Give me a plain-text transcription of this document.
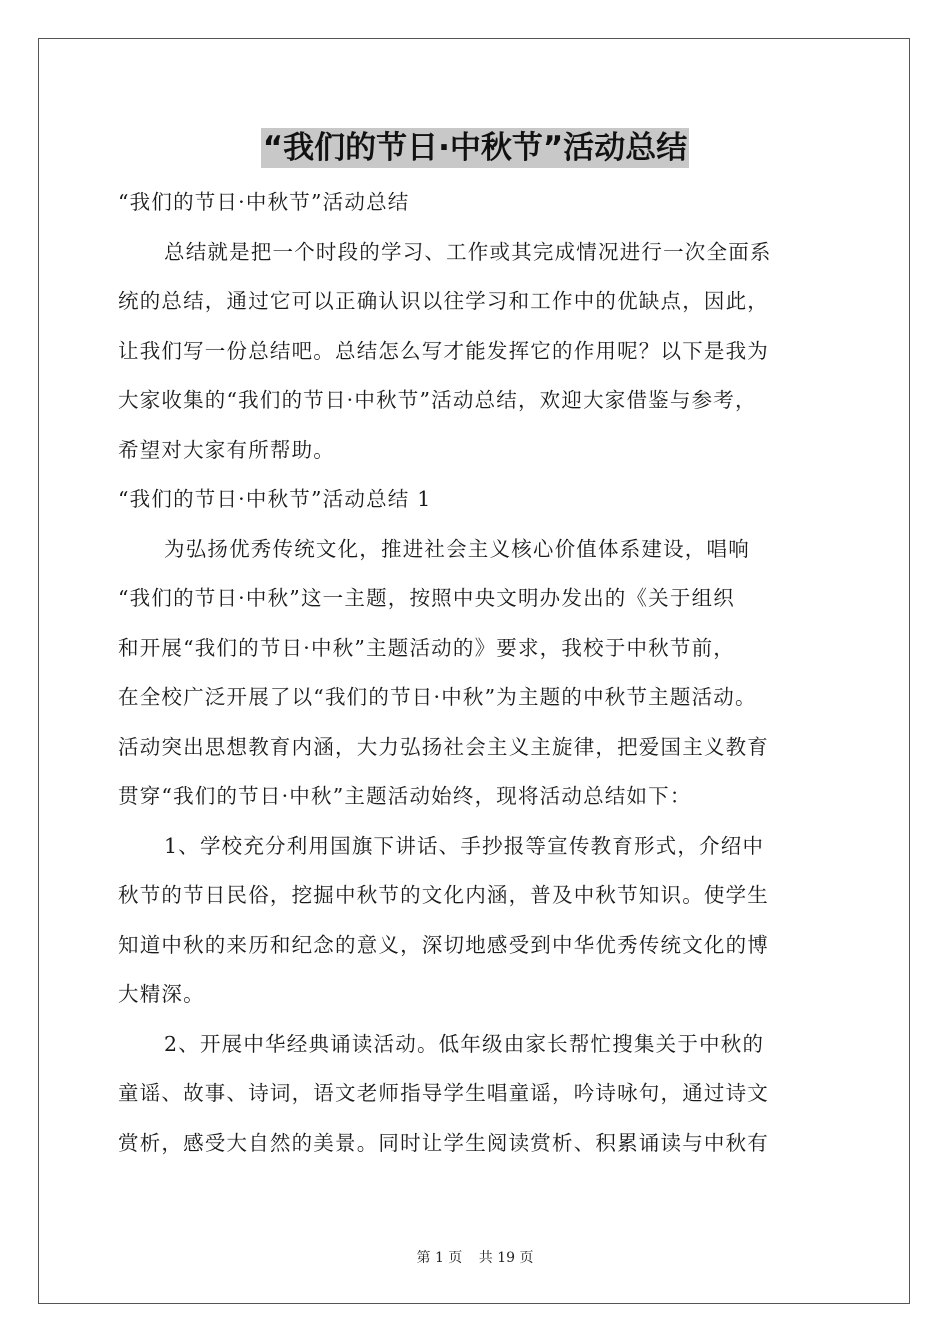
“我们的节日·中秋节”活动总结
“我们的节日·中秋节”活动总结
总结就是把一个时段的学习、工作或其完成情况进行一次全面系
统的总结，通过它可以正确认识以往学习和工作中的优缺点，因此，
让我们写一份总结吧。总结怎么写才能发挥它的作用呢？以下是我为
大家收集的“我们的节日·中秋节”活动总结，欢迎大家借鉴与参考，
希望对大家有所帮助。
“我们的节日·中秋节”活动总结 1
为弘扬优秀传统文化，推进社会主义核心价值体系建设，唱响
“我们的节日·中秋”这一主题，按照中央文明办发出的《关于组织
和开展“我们的节日·中秋”主题活动的》要求，我校于中秋节前，
在全校广泛开展了以“我们的节日·中秋”为主题的中秋节主题活动。
活动突出思想教育内涵，大力弘扬社会主义主旋律，把爱国主义教育
贯穿“我们的节日·中秋”主题活动始终，现将活动总结如下：
1、学校充分利用国旗下讲话、手抄报等宣传教育形式，介绍中
秋节的节日民俗，挖掘中秋节的文化内涵，普及中秋节知识。使学生
知道中秋的来历和纪念的意义，深切地感受到中华优秀传统文化的博
大精深。
2、开展中华经典诵读活动。低年级由家长帮忙搜集关于中秋的
童谣、故事、诗词，语文老师指导学生唱童谣，吟诗咏句，通过诗文
赏析，感受大自然的美景。同时让学生阅读赏析、积累诵读与中秋有
第 1 页 共 19 页
